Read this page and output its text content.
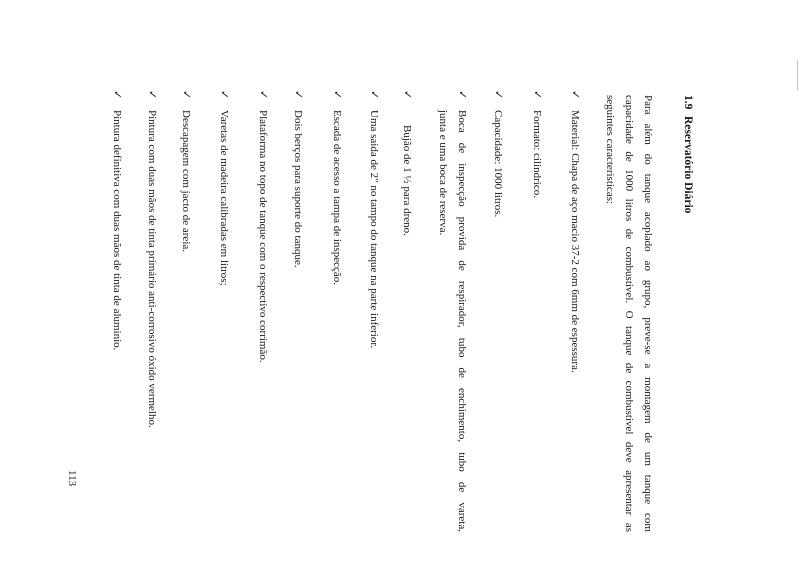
1.9
Reservatório Diário
Para além do tanque acoplado ao grupo, preve-se a montagem de um tanque com
capacidade de 1000 litros de combustivel. O tanque de combustivel deve apresentar as
seguintes caracteristicas:
✓
Material: Chapa de aço macio 37-2 com 6mm de espessura.
✓
Formato: cilindrico.
✓
Capacidade: 1000 litros.
✓
Boca de inspecção provida de respirador, tubo de enchimento, tubo de vareta,
junta e uma boca de reserva.
✓
Bujão de 1 ½ para dreno.
✓
Uma saida de 2" no tampo do tanque na parte inferior.
✓
Escada de acesso a tampa de inspecção.
✓
Dois berços para suporte do tanque.
✓
Plataforma no topo de tanque com o respectivo corrimão.
✓
Varetas de madeira calibradas em litros;
✓
Descapagem com jacto de areia.
✓
Pintura com duas mãos de tinta primário anti-corrosivo óxido vermelho.
✓
Pintura definitiva com duas mãos de tinta de aluminio.
113
